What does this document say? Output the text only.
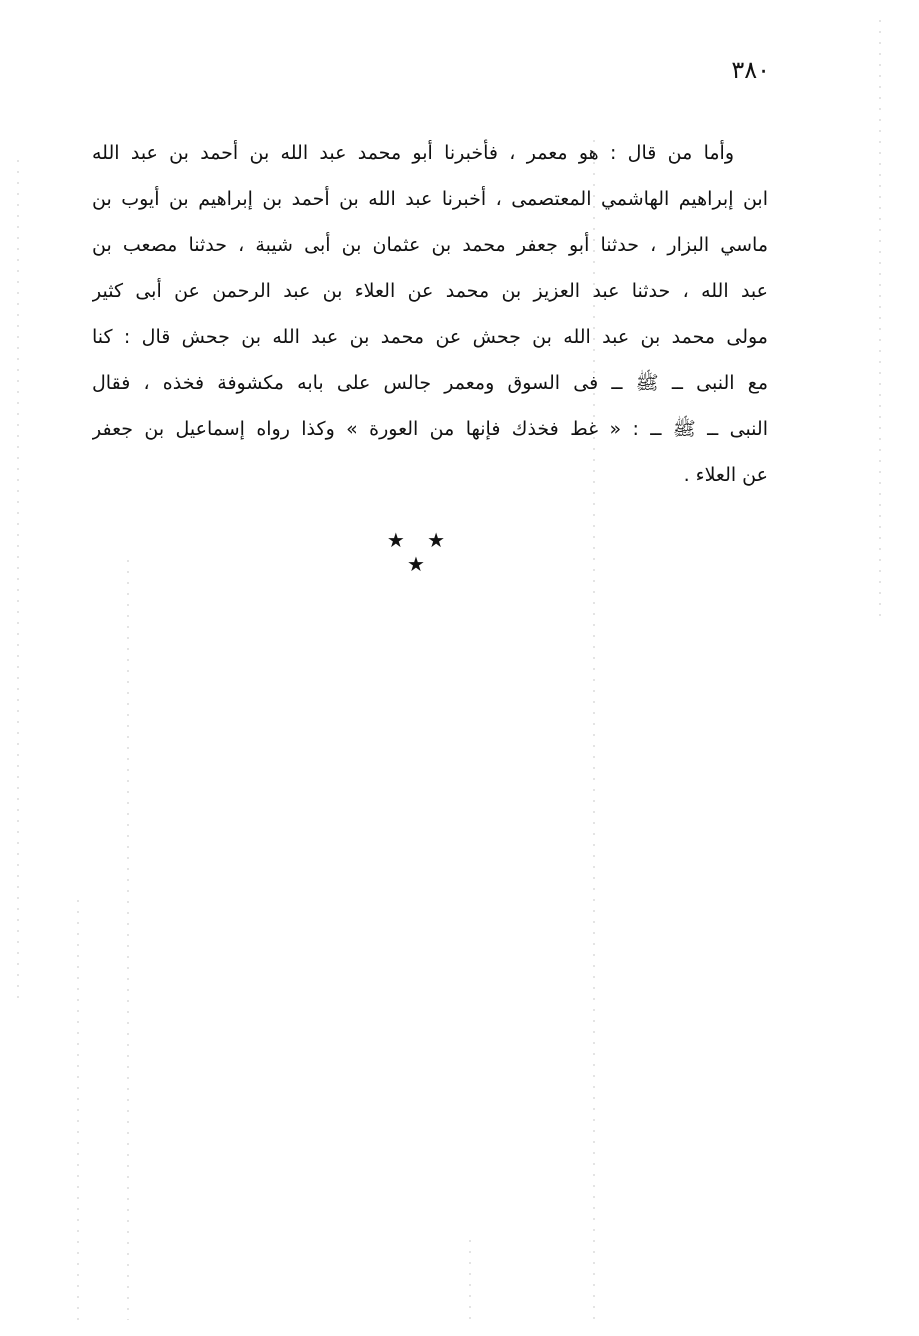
٣٨٠
وأما من قال : هو معمر ، فأخبرنا أبو محمد عبد الله بن أحمد بن عبد الله
ابن إبراهيم الهاشمي المعتصمى ، أخبرنا عبد الله بن أحمد بن إبراهيم بن أيوب بن
ماسي البزار ، حدثنا أبو جعفر محمد بن عثمان بن أبى شيبة ، حدثنا مصعب بن
عبد الله ، حدثنا عبد العزيز بن محمد عن العلاء بن عبد الرحمن عن أبى كثير
مولى محمد بن عبد الله بن جحش عن محمد بن عبد الله بن جحش قال : كنا
مع النبى ــ ﷺ ــ فى السوق ومعمر جالس على بابه مكشوفة فخذه ، فقال
النبى ــ ﷺ ــ : « غط فخذك فإنها من العورة » وكذا رواه إسماعيل بن جعفر
عن العلاء .
★ ★ ★
